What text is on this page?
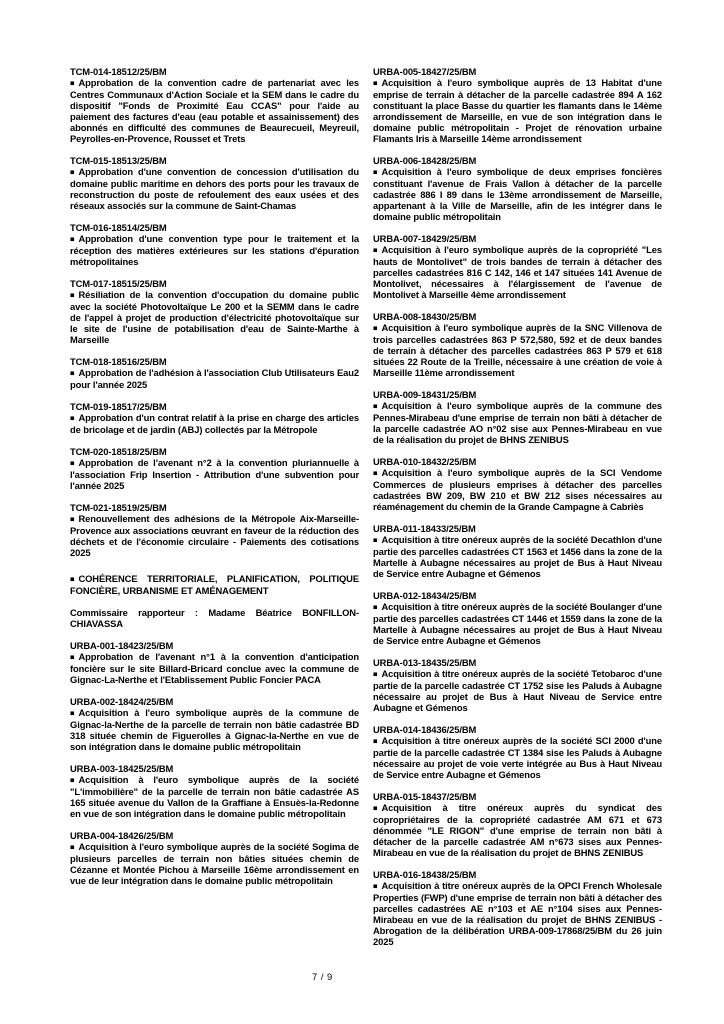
TCM-014-18512/25/BM
■ Approbation de la convention cadre de partenariat avec les Centres Communaux d'Action Sociale et la SEM dans le cadre du dispositif "Fonds de Proximité Eau CCAS" pour l'aide au paiement des factures d'eau (eau potable et assainissement) des abonnés en difficulté des communes de Beaurecueil, Meyreuil, Peyrolles-en-Provence, Rousset et Trets
TCM-015-18513/25/BM
■ Approbation d'une convention de concession d'utilisation du domaine public maritime en dehors des ports pour les travaux de reconstruction du poste de refoulement des eaux usées et des réseaux associés sur la commune de Saint-Chamas
TCM-016-18514/25/BM
■ Approbation d'une convention type pour le traitement et la réception des matières extérieures sur les stations d'épuration métropolitaines
TCM-017-18515/25/BM
■ Résiliation de la convention d'occupation du domaine public avec la société Photovoltaïque Le 200 et la SEMM dans le cadre de l'appel à projet de production d'électricité photovoltaïque sur le site de l'usine de potabilisation d'eau de Sainte-Marthe à Marseille
TCM-018-18516/25/BM
■ Approbation de l'adhésion à l'association Club Utilisateurs Eau2 pour l'année 2025
TCM-019-18517/25/BM
■ Approbation d'un contrat relatif à la prise en charge des articles de bricolage et de jardin (ABJ) collectés par la Métropole
TCM-020-18518/25/BM
■ Approbation de l'avenant n°2 à la convention pluriannuelle à l'association Frip Insertion - Attribution d'une subvention pour l'année 2025
TCM-021-18519/25/BM
■ Renouvellement des adhésions de la Métropole Aix-Marseille-Provence aux associations œuvrant en faveur de la réduction des déchets et de l'économie circulaire - Paiements des cotisations 2025
■ COHÉRENCE TERRITORIALE, PLANIFICATION, POLITIQUE FONCIÈRE, URBANISME ET AMÉNAGEMENT
Commissaire rapporteur : Madame Béatrice BONFILLON-CHIAVASSA
URBA-001-18423/25/BM
■ Approbation de l'avenant n°1 à la convention d'anticipation foncière sur le site Billard-Bricard conclue avec la commune de Gignac-La-Nerthe et l'Etablissement Public Foncier PACA
URBA-002-18424/25/BM
■ Acquisition à l'euro symbolique auprès de la commune de Gignac-la-Nerthe de la parcelle de terrain non bâtie cadastrée BD 318 située chemin de Figuerolles à Gignac-la-Nerthe en vue de son intégration dans le domaine public métropolitain
URBA-003-18425/25/BM
■ Acquisition à l'euro symbolique auprès de la société "L'immobilière" de la parcelle de terrain non bâtie cadastrée AS 165 située avenue du Vallon de la Graffiane à Ensuès-la-Redonne en vue de son intégration dans le domaine public métropolitain
URBA-004-18426/25/BM
■ Acquisition à l'euro symbolique auprès de la société Sogima de plusieurs parcelles de terrain non bâties situées chemin de Cézanne et Montée Pichou à Marseille 16ème arrondissement en vue de leur intégration dans le domaine public métropolitain
URBA-005-18427/25/BM
■ Acquisition à l'euro symbolique auprès de 13 Habitat d'une emprise de terrain à détacher de la parcelle cadastrée 894 A 162 constituant la place Basse du quartier les flamants dans le 14ème arrondissement de Marseille, en vue de son intégration dans le domaine public métropolitain - Projet de rénovation urbaine Flamants Iris à Marseille 14ème arrondissement
URBA-006-18428/25/BM
■ Acquisition à l'euro symbolique de deux emprises foncières constituant l'avenue de Frais Vallon à détacher de la parcelle cadastrée 886 I 89 dans le 13ème arrondissement de Marseille, appartenant à la Ville de Marseille, afin de les intégrer dans le domaine public métropolitain
URBA-007-18429/25/BM
■ Acquisition à l'euro symbolique auprès de la copropriété "Les hauts de Montolivet" de trois bandes de terrain à détacher des parcelles cadastrées 816 C 142, 146 et 147 situées 141 Avenue de Montolivet, nécessaires à l'élargissement de l'avenue de Montolivet à Marseille 4ème arrondissement
URBA-008-18430/25/BM
■ Acquisition à l'euro symbolique auprès de la SNC Villenova de trois parcelles cadastrées 863 P 572,580, 592 et de deux bandes de terrain à détacher des parcelles cadastrées 863 P 579 et 618 situées 22 Route de la Treille, nécessaire à une création de voie à Marseille 11ème arrondissement
URBA-009-18431/25/BM
■ Acquisition à l'euro symbolique auprès de la commune des Pennes-Mirabeau d'une emprise de terrain non bâti à détacher de la parcelle cadastrée AO n°02 sise aux Pennes-Mirabeau en vue de la réalisation du projet de BHNS ZENIBUS
URBA-010-18432/25/BM
■ Acquisition à l'euro symbolique auprès de la SCI Vendome Commerces de plusieurs emprises à détacher des parcelles cadastrées BW 209, BW 210 et BW 212 sises nécessaires au réaménagement du chemin de la Grande Campagne à Cabriès
URBA-011-18433/25/BM
■ Acquisition à titre onéreux auprès de la société Decathlon d'une partie des parcelles cadastrées CT 1563 et 1456 dans la zone de la Martelle à Aubagne nécessaires au projet de Bus à Haut Niveau de Service entre Aubagne et Gémenos
URBA-012-18434/25/BM
■ Acquisition à titre onéreux auprès de la société Boulanger d'une partie des parcelles cadastrées CT 1446 et 1559 dans la zone de la Martelle à Aubagne nécessaires au projet de Bus à Haut Niveau de Service entre Aubagne et Gémenos
URBA-013-18435/25/BM
■ Acquisition à titre onéreux auprès de la société Tetobaroc d'une partie de la parcelle cadastrée CT 1752 sise les Paluds à Aubagne nécessaire au projet de Bus à Haut Niveau de Service entre Aubagne et Gémenos
URBA-014-18436/25/BM
■ Acquisition à titre onéreux auprès de la société SCI 2000 d'une partie de la parcelle cadastrée CT 1384 sise les Paluds à Aubagne nécessaire au projet de voie verte intégrée au Bus à Haut Niveau de Service entre Aubagne et Gémenos
URBA-015-18437/25/BM
■ Acquisition à titre onéreux auprès du syndicat des copropriétaires de la copropriété cadastrée AM 671 et 673 dénommée "LE RIGON" d'une emprise de terrain non bâti à détacher de la parcelle cadastrée AM n°673 sises aux Pennes-Mirabeau en vue de la réalisation du projet de BHNS ZENIBUS
URBA-016-18438/25/BM
■ Acquisition à titre onéreux auprès de la OPCI French Wholesale Properties (FWP) d'une emprise de terrain non bâti à détacher des parcelles cadastrées AE n°103 et AE n°104 sises aux Pennes-Mirabeau en vue de la réalisation du projet de BHNS ZENIBUS - Abrogation de la délibération URBA-009-17868/25/BM du 26 juin 2025
7 / 9
